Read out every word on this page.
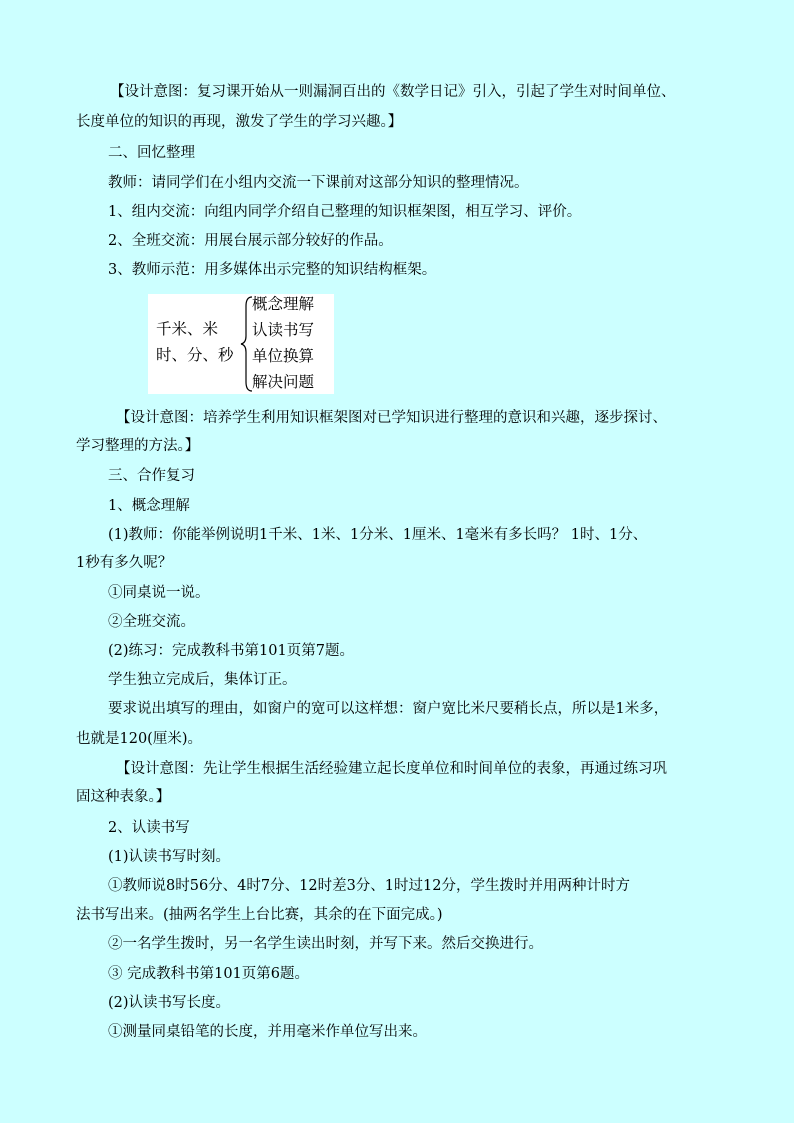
【设计意图：复习课开始从一则漏洞百出的《数学日记》引入，引起了学生对时间单位、

长度单位的知识的再现，激发了学生的学习兴趣。】

二、回忆整理

教师：请同学们在小组内交流一下课前对这部分知识的整理情况。

1、组内交流：向组内同学介绍自己整理的知识框架图，相互学习、评价。

2、全班交流：用展台展示部分较好的作品。

3、教师示范：用多媒体出示完整的知识结构框架。

千米、米
时、分、秒
概念理解
认读书写
单位换算
解决问题

【设计意图：培养学生利用知识框架图对已学知识进行整理的意识和兴趣，逐步探讨、

学习整理的方法。】

三、合作复习

1、概念理解

(1)教师：你能举例说明1千米、1米、1分米、1厘米、1毫米有多长吗？ 1时、1分、

1秒有多久呢？

①同桌说一说。

②全班交流。

(2)练习：完成教科书第101页第7题。

学生独立完成后，集体订正。

要求说出填写的理由，如窗户的宽可以这样想：窗户宽比米尺要稍长点，所以是1米多，

也就是120(厘米)。

【设计意图：先让学生根据生活经验建立起长度单位和时间单位的表象，再通过练习巩

固这种表象。】

2、认读书写

(1)认读书写时刻。

①教师说8时56分、4时7分、12时差3分、1时过12分，学生拨时并用两种计时方

法书写出来。(抽两名学生上台比赛，其余的在下面完成。)

②一名学生拨时，另一名学生读出时刻，并写下来。然后交换进行。

③ 完成教科书第101页第6题。

(2)认读书写长度。

①测量同桌铅笔的长度，并用毫米作单位写出来。
